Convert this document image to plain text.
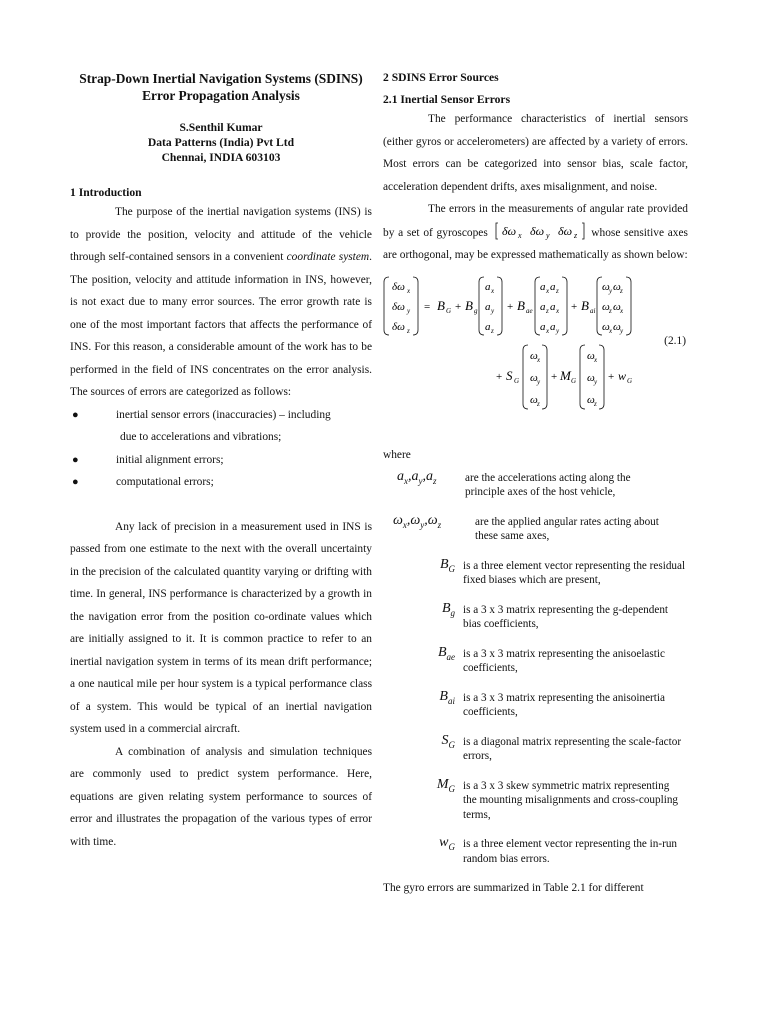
Strap-Down Inertial Navigation Systems (SDINS)
Error Propagation Analysis
S.Senthil Kumar
Data Patterns (India) Pvt Ltd
Chennai, INDIA 603103
1 Introduction

The purpose of the inertial navigation systems (INS) is to provide the position, velocity and attitude of the vehicle through self-contained sensors in a convenient coordinate system. The position, velocity and attitude information in INS, however, is not exact due to many error sources. The error growth rate is one of the most important factors that affects the performance of INS. For this reason, a considerable amount of the work has to be performed in the field of INS concentrates on the error analysis. The sources of errors are categorized as follows:

●	inertial sensor errors (inaccuracies) – including
due to accelerations and vibrations;
●	initial alignment errors;
●	computational errors;

Any lack of precision in a measurement used in INS is passed from one estimate to the next with the overall uncertainty in the precision of the calculated quantity varying or drifting with time. In general, INS performance is characterized by a growth in the navigation error from the position co-ordinate values which are initially assigned to it. It is common practice to refer to an inertial navigation system in terms of its mean drift performance; a one nautical mile per hour system is a typical performance class of a system. This would be typical of an inertial navigation system used in a commercial aircraft.

A combination of analysis and simulation techniques are commonly used to predict system performance. Here, equations are given relating system performance to sources of error and illustrates the propagation of the various types of error with time.

2 SDINS Error Sources
2.1 Inertial Sensor Errors

The performance characteristics of inertial sensors (either gyros or accelerometers) are affected by a variety of errors. Most errors can be categorized into sensor bias, scale factor, acceleration dependent drifts, axes misalignment, and noise.

The errors in the measurements of angular rate provided by a set of gyroscopes δω x δω y δω z whose sensitive axes are orthogonal, may be expressed mathematically as shown below:

δω x
δω y
δω z
= B G + B g
a x
a y
a z
+ B ae
a x a z
a z a x
a x a y
+ B ai
ω y ω z
ω z ω x
ω x ω y
+ S G
ω x
ω y
ω z
+ M G
ω x
ω y
ω z
+ w G
(2.1)
where
$a_x,a_y,a_z$	are the accelerations acting along the
principle axes of the host vehicle,
$\omega_x,\omega_y,\omega_z$	are the applied angular rates acting about
these same axes,
$B_G$ is a three element vector representing the residual
fixed biases which are present,
$B_g$ is a 3 x 3 matrix representing the g-dependent
bias coefficients,
$B_{ae}$ is a 3 x 3 matrix representing the anisoelastic
coefficients,
$B_{ai}$ is a 3 x 3 matrix representing the anisoinertia
coefficients,
$S_G$ is a diagonal matrix representing the scale-factor
errors,
$M_G$ is a 3 x 3 skew symmetric matrix representing
the mounting misalignments and cross-coupling
terms,
$w_G$ is a three element vector representing the in-run
random bias errors.
The gyro errors are summarized in Table 2.1 for different
